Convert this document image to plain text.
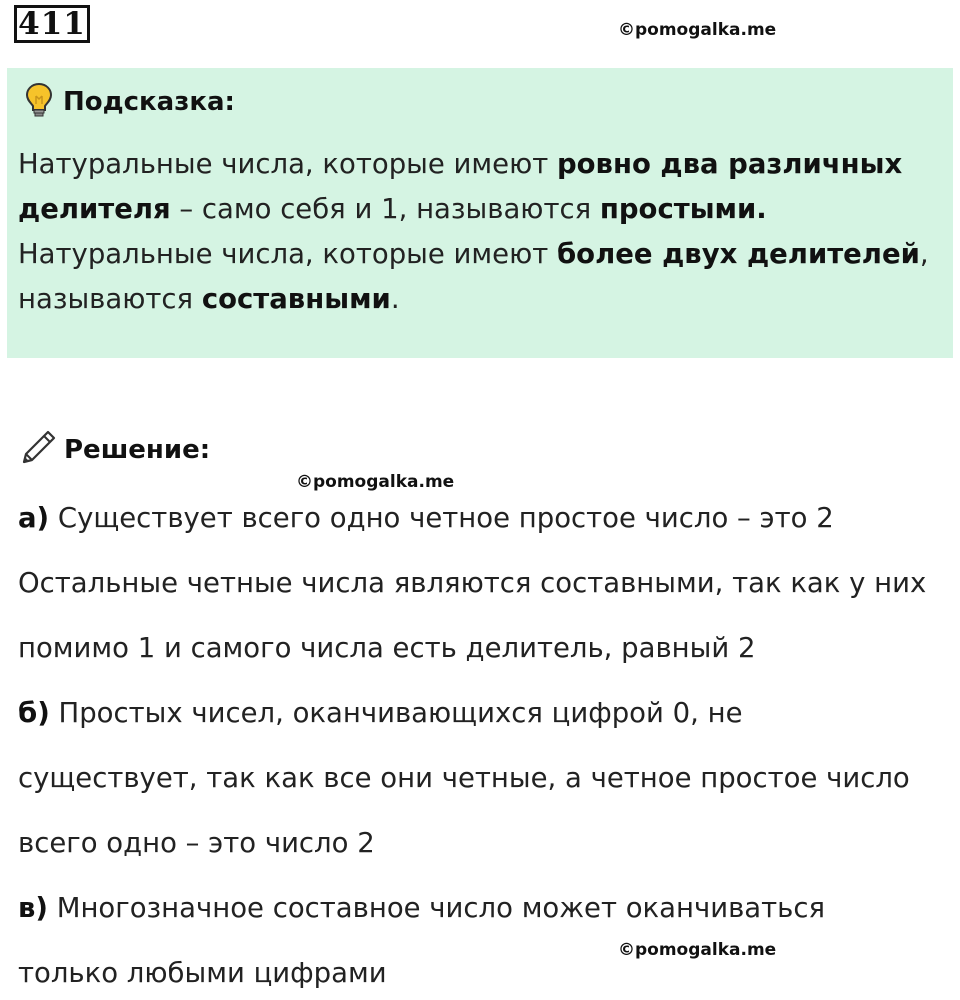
411	©pomogalka.me
Подсказка:
Натуральные числа, которые имеют ровно два различных делителя – само себя и 1, называются простыми.
Натуральные числа, которые имеют более двух делителей, называются составными.
Решение:
©pomogalka.me
а) Существует всего одно четное простое число – это 2
Остальные четные числа являются составными, так как у них
помимо 1 и самого числа есть делитель, равный 2
б) Простых чисел, оканчивающихся цифрой 0, не
существует, так как все они четные, а четное простое число
всего одно – это число 2
в) Многозначное составное число может оканчиваться
только любыми цифрами
©pomogalka.me
